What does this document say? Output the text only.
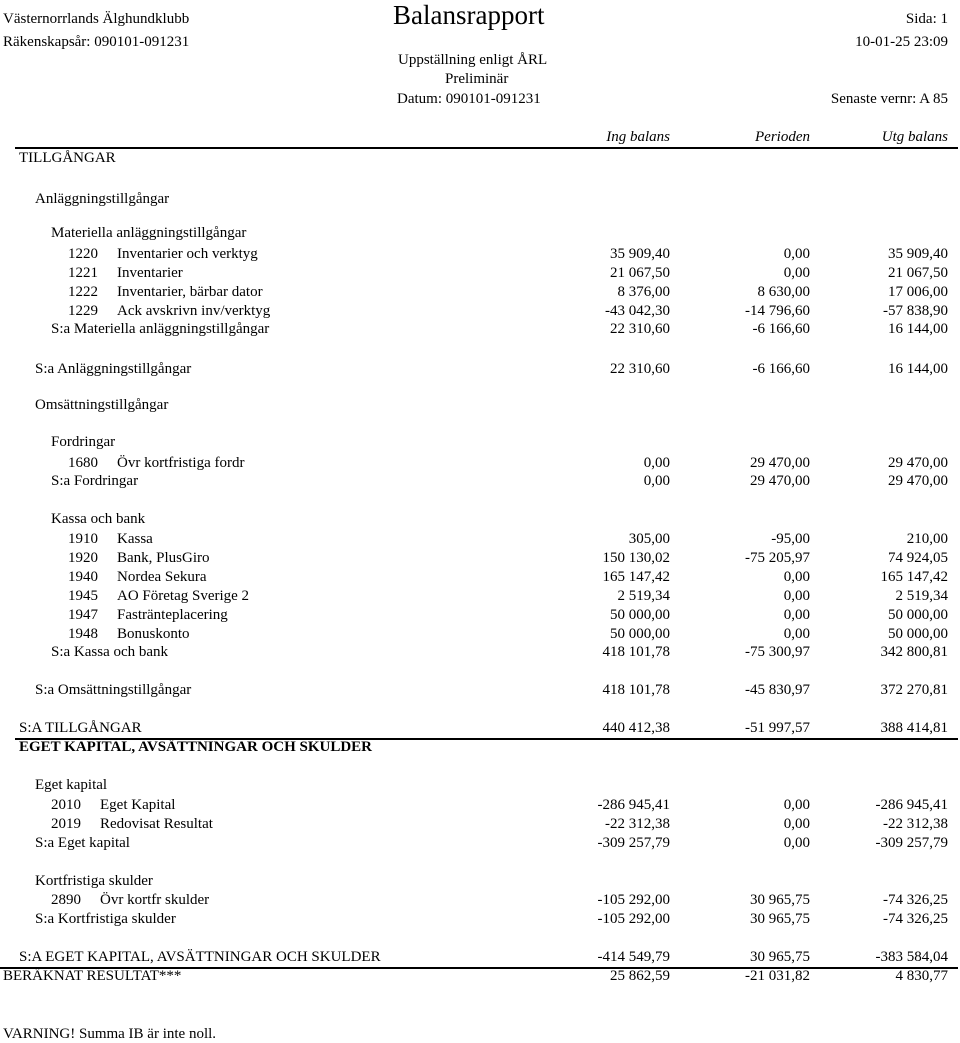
Västernorrlands Älghundklubb
Räkenskapsår: 090101-091231
Balansrapport	Sida: 1
10-01-25 23:09
Uppställning enligt ÅRL
Preliminär
Datum: 090101-091231	Senaste vernr: A 85
Ing balans	Perioden	Utg balans
TILLGÅNGAR
Anläggningstillgångar
Materiella anläggningstillgångar
1220 Inventarier och verktyg	35 909,40	0,00	35 909,40
1221 Inventarier	21 067,50	0,00	21 067,50
1222 Inventarier, bärbar dator	8 376,00	8 630,00	17 006,00
1229 Ack avskrivn inv/verktyg	-43 042,30	-14 796,60	-57 838,90
S:a Materiella anläggningstillgångar	22 310,60	-6 166,60	16 144,00
S:a Anläggningstillgångar	22 310,60	-6 166,60	16 144,00
Omsättningstillgångar
Fordringar
1680 Övr kortfristiga fordr	0,00	29 470,00	29 470,00
S:a Fordringar	0,00	29 470,00	29 470,00
Kassa och bank
1910 Kassa	305,00	-95,00	210,00
1920 Bank, PlusGiro	150 130,02	-75 205,97	74 924,05
1940 Nordea Sekura	165 147,42	0,00	165 147,42
1945 AO Företag Sverige 2	2 519,34	0,00	2 519,34
1947 Fasträntеplacering	50 000,00	0,00	50 000,00
1948 Bonuskonto	50 000,00	0,00	50 000,00
S:a Kassa och bank	418 101,78	-75 300,97	342 800,81
S:a Omsättningstillgångar	418 101,78	-45 830,97	372 270,81
S:A TILLGÅNGAR	440 412,38	-51 997,57	388 414,81
EGET KAPITAL, AVSÄTTNINGAR OCH SKULDER
Eget kapital
2010 Eget Kapital	-286 945,41	0,00	-286 945,41
2019 Redovisat Resultat	-22 312,38	0,00	-22 312,38
S:a Eget kapital	-309 257,79	0,00	-309 257,79
Kortfristiga skulder
2890 Övr kortfr skulder	-105 292,00	30 965,75	-74 326,25
S:a Kortfristiga skulder	-105 292,00	30 965,75	-74 326,25
S:A EGET KAPITAL, AVSÄTTNINGAR OCH SKULDER	-414 549,79	30 965,75	-383 584,04
BERÄKNAT RESULTAT***	25 862,59	-21 031,82	4 830,77
VARNING! Summa IB är inte noll.
